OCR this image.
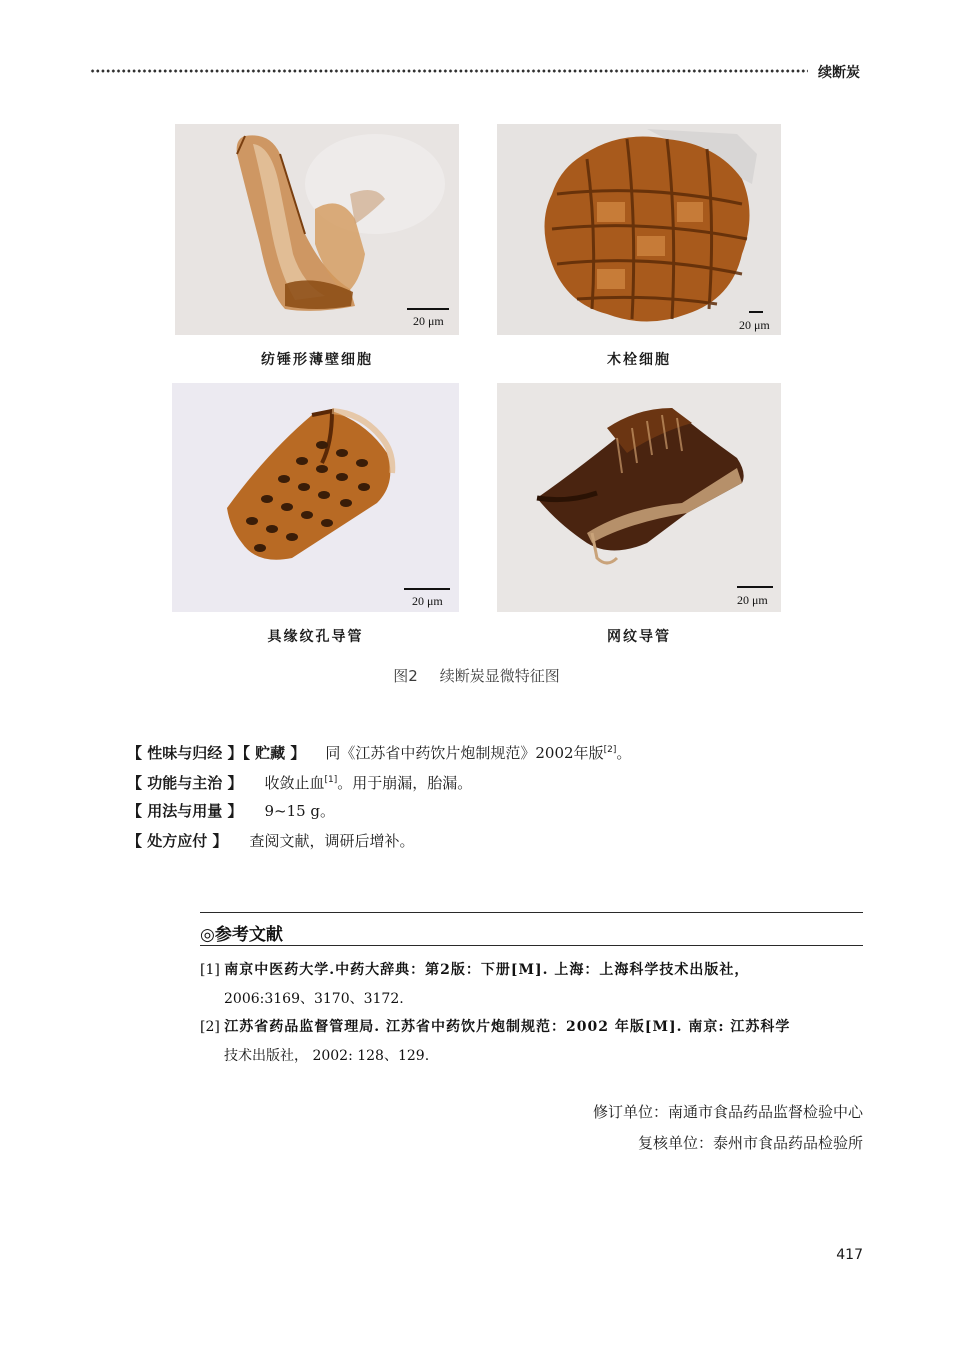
续断炭
20 μm
纺锤形薄壁细胞
20 μm
木栓细胞
20 μm
具缘纹孔导管
20 μm
网纹导管
图2 续断炭显微特征图
【 性味与归经 】【 贮藏 】 同《江苏省中药饮片炮制规范》2002年版[2]。
【 功能与主治 】 收敛止血[1]。用于崩漏，胎漏。
【 用法与用量 】 9~15 g。
【 处方应付 】 查阅文献，调研后增补。
◎参考文献
[1] 南京中医药大学.中药大辞典：第2版：下册[M]. 上海：上海科学技术出版社，
2006:3169、3170、3172.
[2] 江苏省药品监督管理局. 江苏省中药饮片炮制规范：2002 年版[M]. 南京: 江苏科学
技术出版社， 2002: 128、129.
修订单位：南通市食品药品监督检验中心
复核单位：泰州市食品药品检验所
417
